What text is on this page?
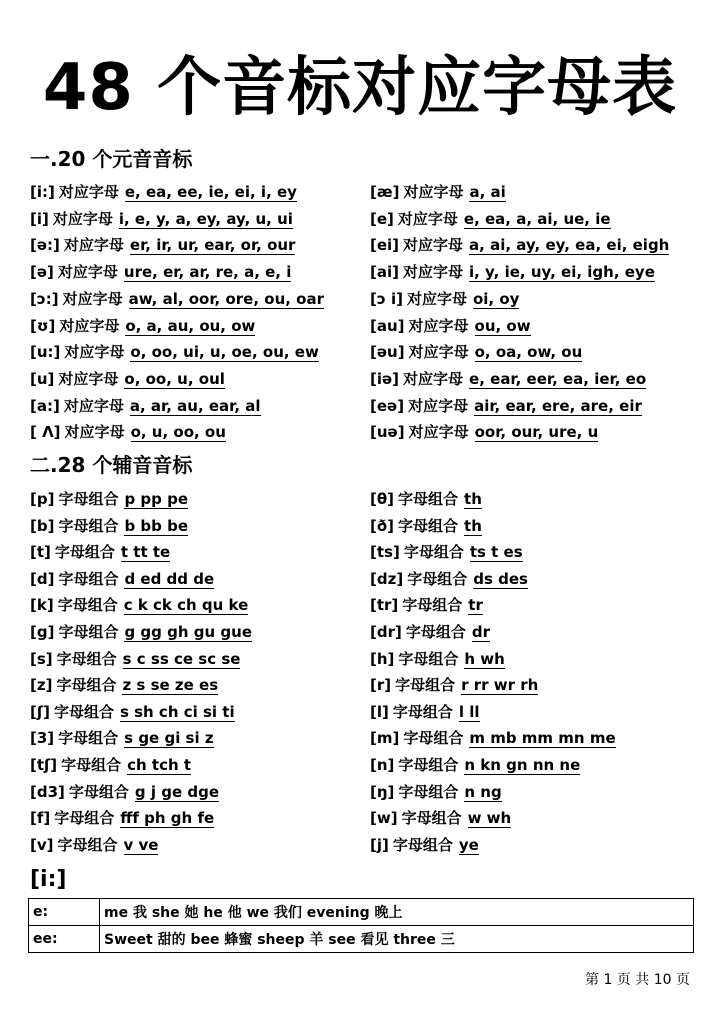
48 个音标对应字母表
一.20 个元音音标
[i:] 对应字母 e, ea, ee, ie, ei, i, ey
[i] 对应字母 i, e, y, a, ey, ay, u, ui
[ə:] 对应字母 er, ir, ur, ear, or, our
[ə] 对应字母 ure, er, ar, re, a, e, i
[ɔ:] 对应字母 aw, al, oor, ore, ou, oar
[ʊ] 对应字母 o, a, au, ou, ow
[u:] 对应字母 o, oo, ui, u, oe, ou, ew
[u] 对应字母 o, oo, u, oul
[a:] 对应字母 a, ar, au, ear, al
[ Λ] 对应字母 o, u, oo, ou
[æ] 对应字母 a, ai
[e] 对应字母 e, ea, a, ai, ue, ie
[ei] 对应字母 a, ai, ay, ey, ea, ei, eigh
[ai] 对应字母 i, y, ie, uy, ei, igh, eye
[ɔ i] 对应字母 oi, oy
[au] 对应字母 ou, ow
[əu] 对应字母 o, oa, ow, ou
[iə] 对应字母 e, ear, eer, ea, ier, eo
[eə] 对应字母 air, ear, ere, are, eir
[uə] 对应字母 oor, our, ure, u
二.28 个辅音音标
[p] 字母组合 p pp pe
[b] 字母组合 b bb be
[t] 字母组合 t tt te
[d] 字母组合 d ed dd de
[k] 字母组合 c k ck ch qu ke
[g] 字母组合 g gg gh gu gue
[s] 字母组合 s c ss ce sc se
[z] 字母组合 z s se ze es
[ʃ] 字母组合 s sh ch ci si ti
[3] 字母组合 s ge gi si z
[tʃ] 字母组合 ch tch t
[d3] 字母组合 g j ge dge
[f] 字母组合 fff ph gh fe
[v] 字母组合 v ve
[θ] 字母组合 th
[ð] 字母组合 th
[ts] 字母组合 ts t es
[dz] 字母组合 ds des
[tr] 字母组合 tr
[dr] 字母组合 dr
[h] 字母组合 h wh
[r] 字母组合 r rr wr rh
[l] 字母组合 l ll
[m] 字母组合 m mb mm mn me
[n] 字母组合 n kn gn nn ne
[ŋ] 字母组合 n ng
[w] 字母组合 w wh
[j] 字母组合 ye
[i:]
e:	me 我 she 她 he 他 we 我们 evening 晚上
ee:	Sweet 甜的 bee 蜂蜜 sheep 羊 see 看见 three 三
第 1 页 共 10 页
